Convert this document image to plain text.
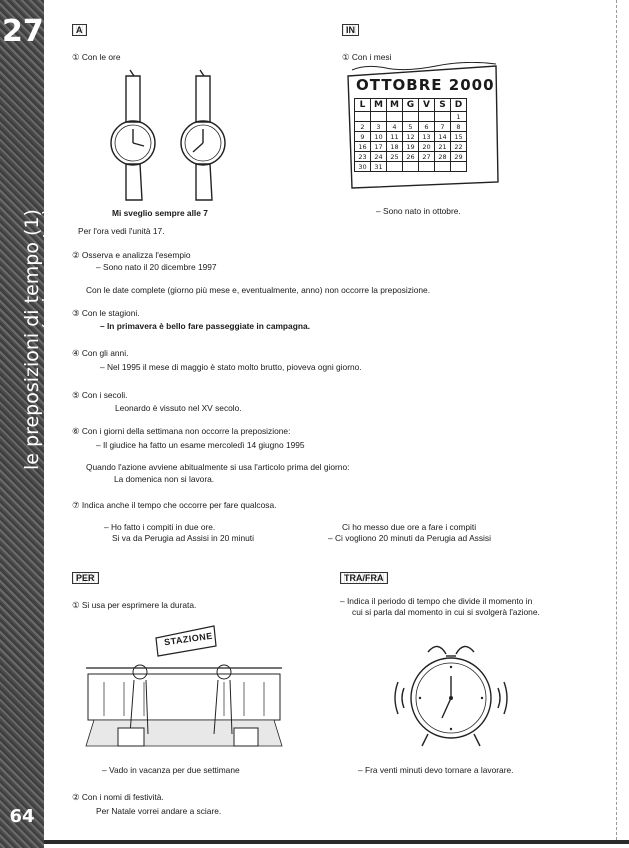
27
le preposizioni di tempo (1)
(a, in, per, tra)
64
A
① Con le ore
Mi sveglio sempre alle 7
Per l'ora vedi l'unità 17.
② Osserva e analizza l'esempio
– Sono nato il 20 dicembre 1997
Con le date complete (giorno più mese e, eventualmente, anno) non occorre la preposizione.
③ Con le stagioni.
– In primavera è bello fare passeggiate in campagna.
④ Con gli anni.
– Nel 1995 il mese di maggio è stato molto brutto, pioveva ogni giorno.
⑤ Con i secoli.
Leonardo è vissuto nel XV secolo.
⑥ Con i giorni della settimana non occorre la preposizione:
– Il giudice ha fatto un esame mercoledì 14 giugno 1995
Quando l'azione avviene abitualmente si usa l'articolo prima del giorno:
La domenica non si lavora.
⑦ Indica anche il tempo che occorre per fare qualcosa.
– Ho fatto i compiti in due ore.
Si va da Perugia ad Assisi in 20 minuti
Ci ho messo due ore a fare i compiti
– Ci vogliono 20 minuti da Perugia ad Assisi
IN
① Con i mesi
OTTOBRE 2000
L	M	M	G	V	S	D
						1
2	3	4	5	6	7	8
9	10	11	12	13	14	15
16	17	18	19	20	21	22
23	24	25	26	27	28	29
30	31					
– Sono nato in ottobre.
PER
① Si usa per esprimere la durata.
STAZIONE
– Vado in vacanza per due settimane
② Con i nomi di festività.
Per Natale vorrei andare a sciare.
TRA/FRA
– Indica il periodo di tempo che divide il momento in
cui si parla dal momento in cui si svolgerà l'azione.
– Fra venti minuti devo tornare a lavorare.
